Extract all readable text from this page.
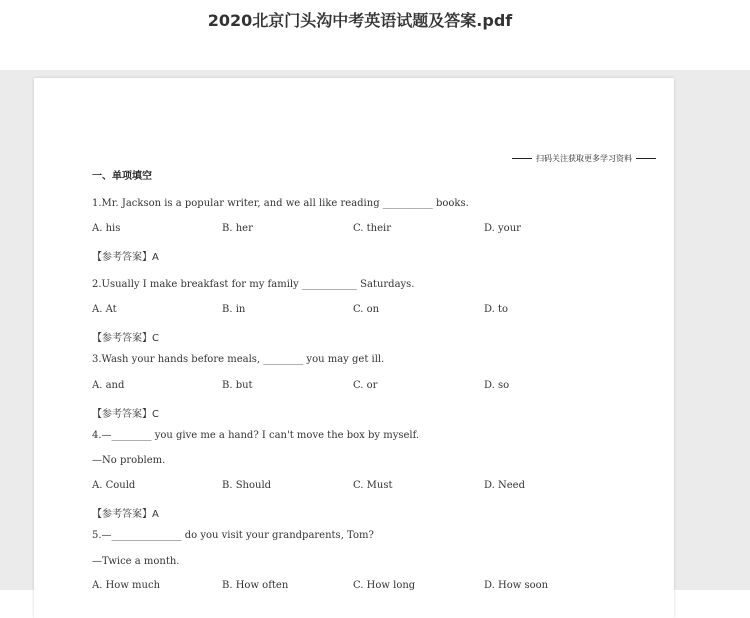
2020北京门头沟中考英语试题及答案.pdf
扫码关注获取更多学习资料
一、单项填空
1.Mr. Jackson is a popular writer, and we all like reading __________ books.
A. his	B. her	C. their	D. your
【参考答案】A
2.Usually I make breakfast for my family ___________ Saturdays.
A. At	B. in	C. on	D. to
【参考答案】C
3.Wash your hands before meals, ________ you may get ill.
A. and	B. but	C. or	D. so
【参考答案】C
4.—________ you give me a hand? I can't move the box by myself.
—No problem.
A. Could	B. Should	C. Must	D. Need
【参考答案】A
5.—______________ do you visit your grandparents, Tom?
—Twice a month.
A. How much	B. How often	C. How long	D. How soon
